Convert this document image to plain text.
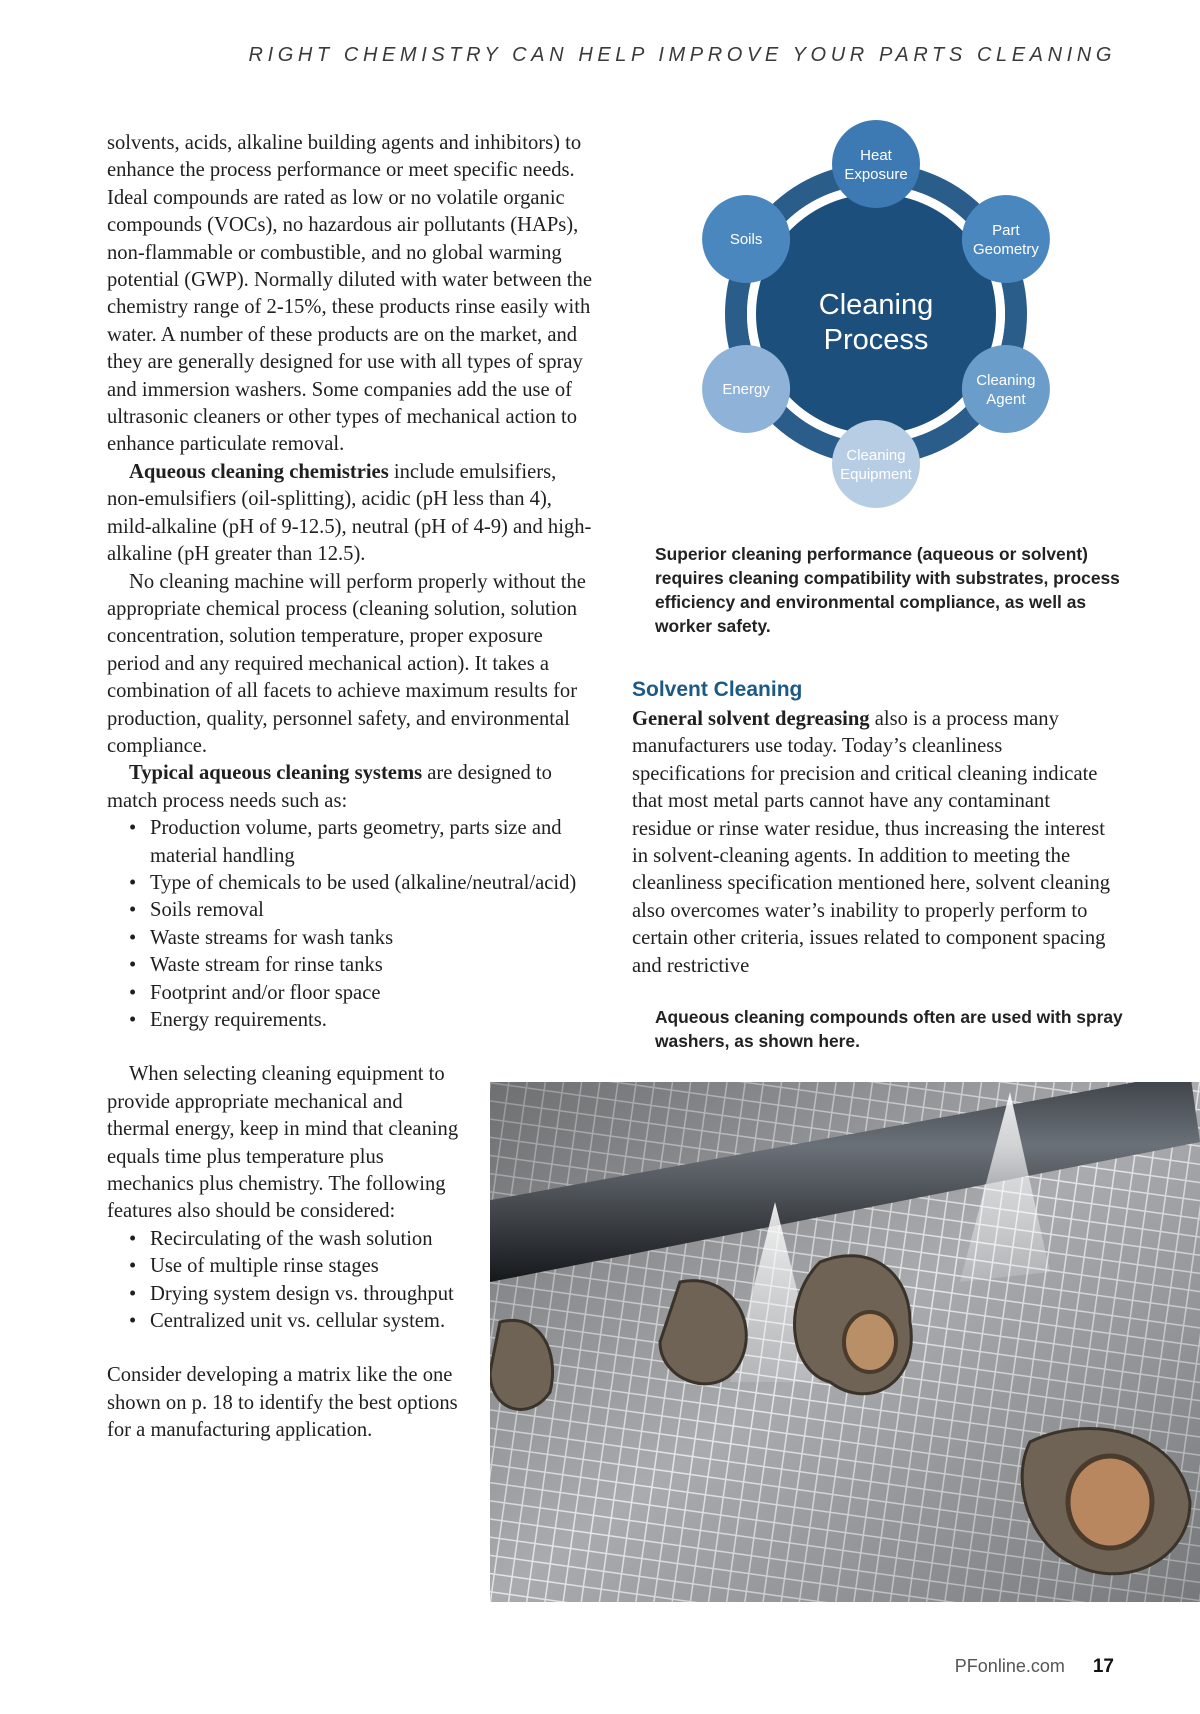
RIGHT CHEMISTRY CAN HELP IMPROVE YOUR PARTS CLEANING

solvents, acids, alkaline building agents and inhibitors) to enhance the process performance or meet specific needs. Ideal compounds are rated as low or no volatile organic compounds (VOCs), no hazardous air pollutants (HAPs), non-flammable or combustible, and no global warming potential (GWP). Normally diluted with water between the chemistry range of 2-15%, these products rinse easily with water. A number of these products are on the market, and they are generally designed for use with all types of spray and immersion washers. Some companies add the use of ultrasonic cleaners or other types of mechanical action to enhance particulate removal.

Aqueous cleaning chemistries include emulsifiers, non-emulsifiers (oil-splitting), acidic (pH less than 4), mild-alkaline (pH of 9-12.5), neutral (pH of 4-9) and high-alkaline (pH greater than 12.5).

No cleaning machine will perform properly without the appropriate chemical process (cleaning solution, solution concentration, solution temperature, proper exposure period and any required mechanical action). It takes a combination of all facets to achieve maximum results for production, quality, personnel safety, and environmental compliance.

Typical aqueous cleaning systems are designed to match process needs such as:

• Production volume, parts geometry, parts size and material handling
• Type of chemicals to be used (alkaline/neutral/acid)
• Soils removal
• Waste streams for wash tanks
• Waste stream for rinse tanks
• Footprint and/or floor space
• Energy requirements.

When selecting cleaning equipment to provide appropriate mechanical and thermal energy, keep in mind that cleaning equals time plus temperature plus mechanics plus chemistry. The following features also should be considered:

• Recirculating of the wash solution
• Use of multiple rinse stages
• Drying system design vs. throughput
• Centralized unit vs. cellular system.

Consider developing a matrix like the one shown on p. 18 to identify the best options for a manufacturing application.

Cleaning
Process
Heat
Exposure
Part
Geometry
Cleaning
Agent
Cleaning
Equipment
Energy
Soils
Superior cleaning performance (aqueous or solvent) requires cleaning compatibility with substrates, process efficiency and environmental compliance, as well as worker safety.
Solvent Cleaning

General solvent degreasing also is a process many manufacturers use today. Today’s cleanliness specifications for precision and critical cleaning indicate that most metal parts cannot have any contaminant residue or rinse water residue, thus increasing the interest in solvent-cleaning agents. In addition to meeting the cleanliness specification mentioned here, solvent cleaning also overcomes water’s inability to properly perform to certain other criteria, issues related to component spacing and restrictive

Aqueous cleaning compounds often are used with spray washers, as shown here.
PFonline.com 17
